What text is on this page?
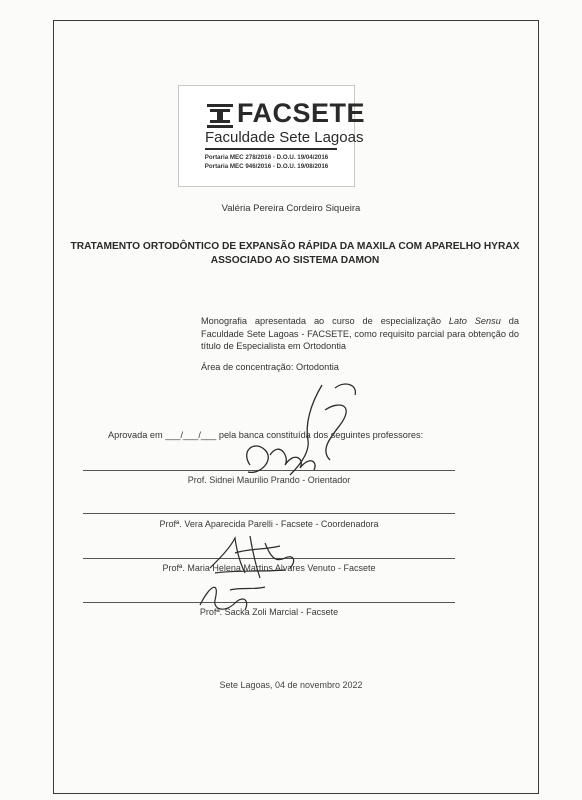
FACSETE
Faculdade Sete Lagoas
Portaria MEC 278/2016 - D.O.U. 19/04/2016
Portaria MEC 946/2016 - D.O.U. 19/08/2016
Valéria Pereira Cordeiro Siqueira
TRATAMENTO ORTODÔNTICO DE EXPANSÃO RÁPIDA DA MAXILA COM APARELHO HYRAX ASSOCIADO AO SISTEMA DAMON
Monografia apresentada ao curso de especialização Lato Sensu da Faculdade Sete Lagoas - FACSETE, como requisito parcial para obtenção do título de Especialista em Ortodontia
Área de concentração: Ortodontia
Aprovada em ___/___/___ pela banca constituída dos seguintes professores:
Prof. Sidnei Maurilio Prando - Orientador
Profª. Vera Aparecida Parelli - Facsete - Coordenadora
Profª. Maria Helena Martins Alvares Venuto - Facsete
Profª. Sacka Zoli Marcial - Facsete
Sete Lagoas, 04 de novembro 2022
